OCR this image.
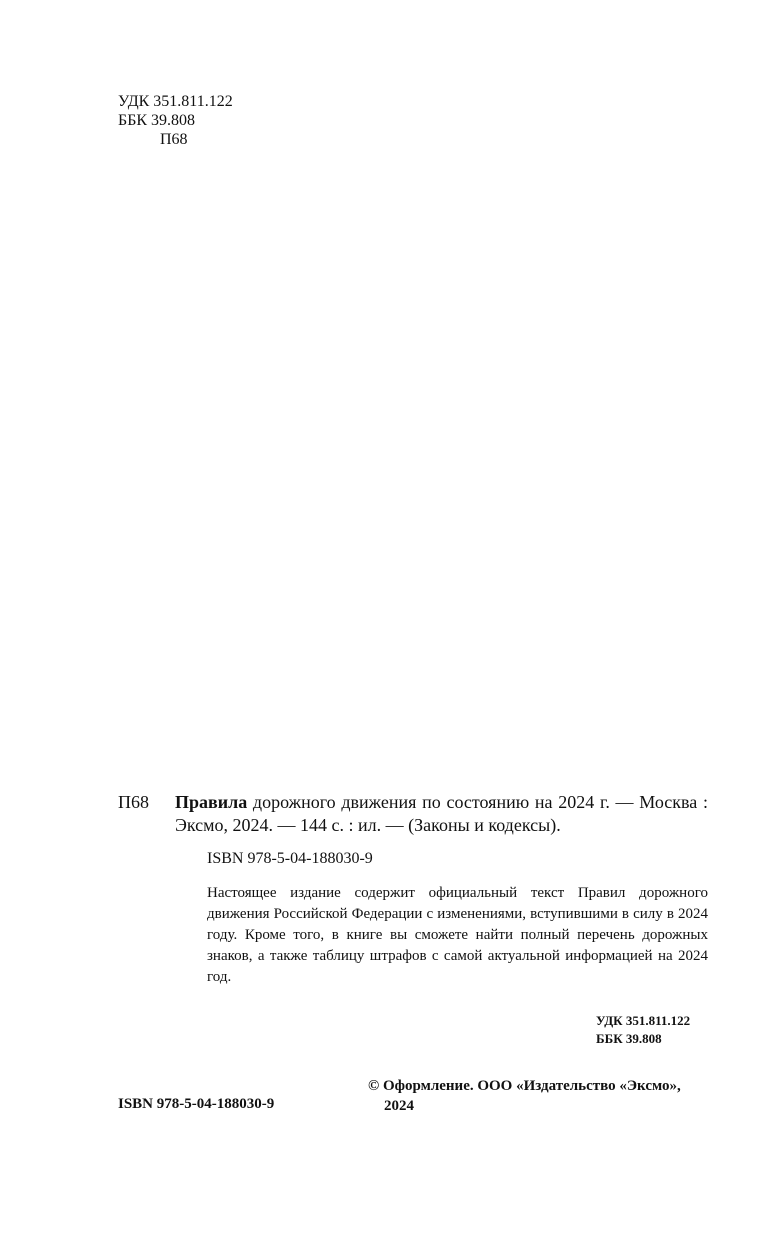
УДК 351.811.122
ББК 39.808
П68
П68 Правила дорожного движения по состоянию на 2024 г. — Москва : Эксмо, 2024. — 144 с. : ил. — (Законы и кодексы).
ISBN 978-5-04-188030-9

Настоящее издание содержит официальный текст Правил дорожного движения Российской Федерации с изменениями, вступившими в силу в 2024 году. Кроме того, в книге вы сможете найти полный перечень дорожных знаков, а также таблицу штрафов с самой актуальной информацией на 2024 год.

УДК 351.811.122
ББК 39.808
© Оформление. ООО «Издательство «Эксмо»,
2024
ISBN 978-5-04-188030-9
